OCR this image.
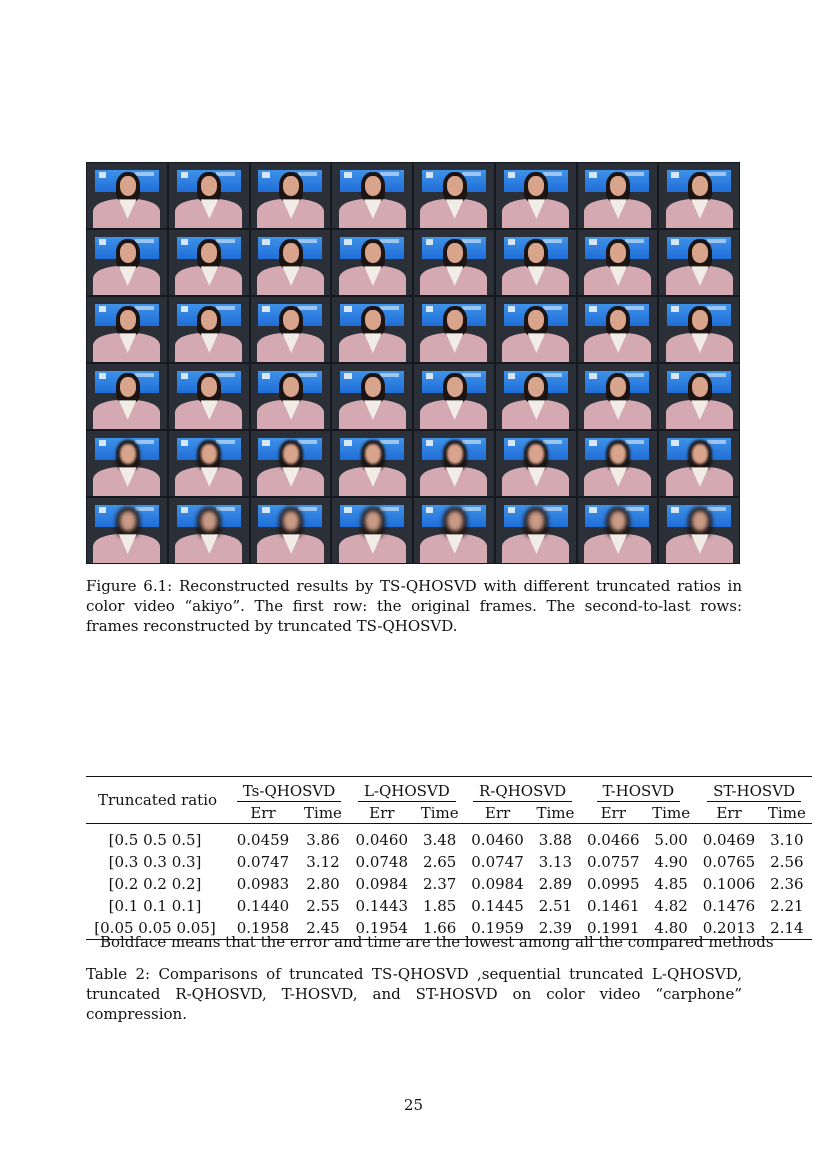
Figure 6.1: Reconstructed results by TS-QHOSVD with different truncated ratios in color video “akiyo”. The first row: the original frames. The second-to-last rows: frames reconstructed by truncated TS-QHOSVD.
Truncated ratio	Ts-QHOSVD		L-QHOSVD		R-QHOSVD		T-HOSVD		ST-HOSVD	
	Err	Time	Err	Time	Err	Time	Err	Time	Err	Time
[0.5 0.5 0.5]	0.0459	3.86	0.0460	3.48	0.0460	3.88	0.0466	5.00	0.0469	3.10
[0.3 0.3 0.3]	0.0747	3.12	0.0748	2.65	0.0747	3.13	0.0757	4.90	0.0765	2.56
[0.2 0.2 0.2]	0.0983	2.80	0.0984	2.37	0.0984	2.89	0.0995	4.85	0.1006	2.36
[0.1 0.1 0.1]	0.1440	2.55	0.1443	1.85	0.1445	2.51	0.1461	4.82	0.1476	2.21
[0.05 0.05 0.05]	0.1958	2.45	0.1954	1.66	0.1959	2.39	0.1991	4.80	0.2013	2.14
Boldface means that the error and time are the lowest among all the compared methods
Table 2: Comparisons of truncated TS-QHOSVD ,sequential truncated L-QHOSVD, truncated R-QHOSVD, T-HOSVD, and ST-HOSVD on color video “carphone” compression.
25
